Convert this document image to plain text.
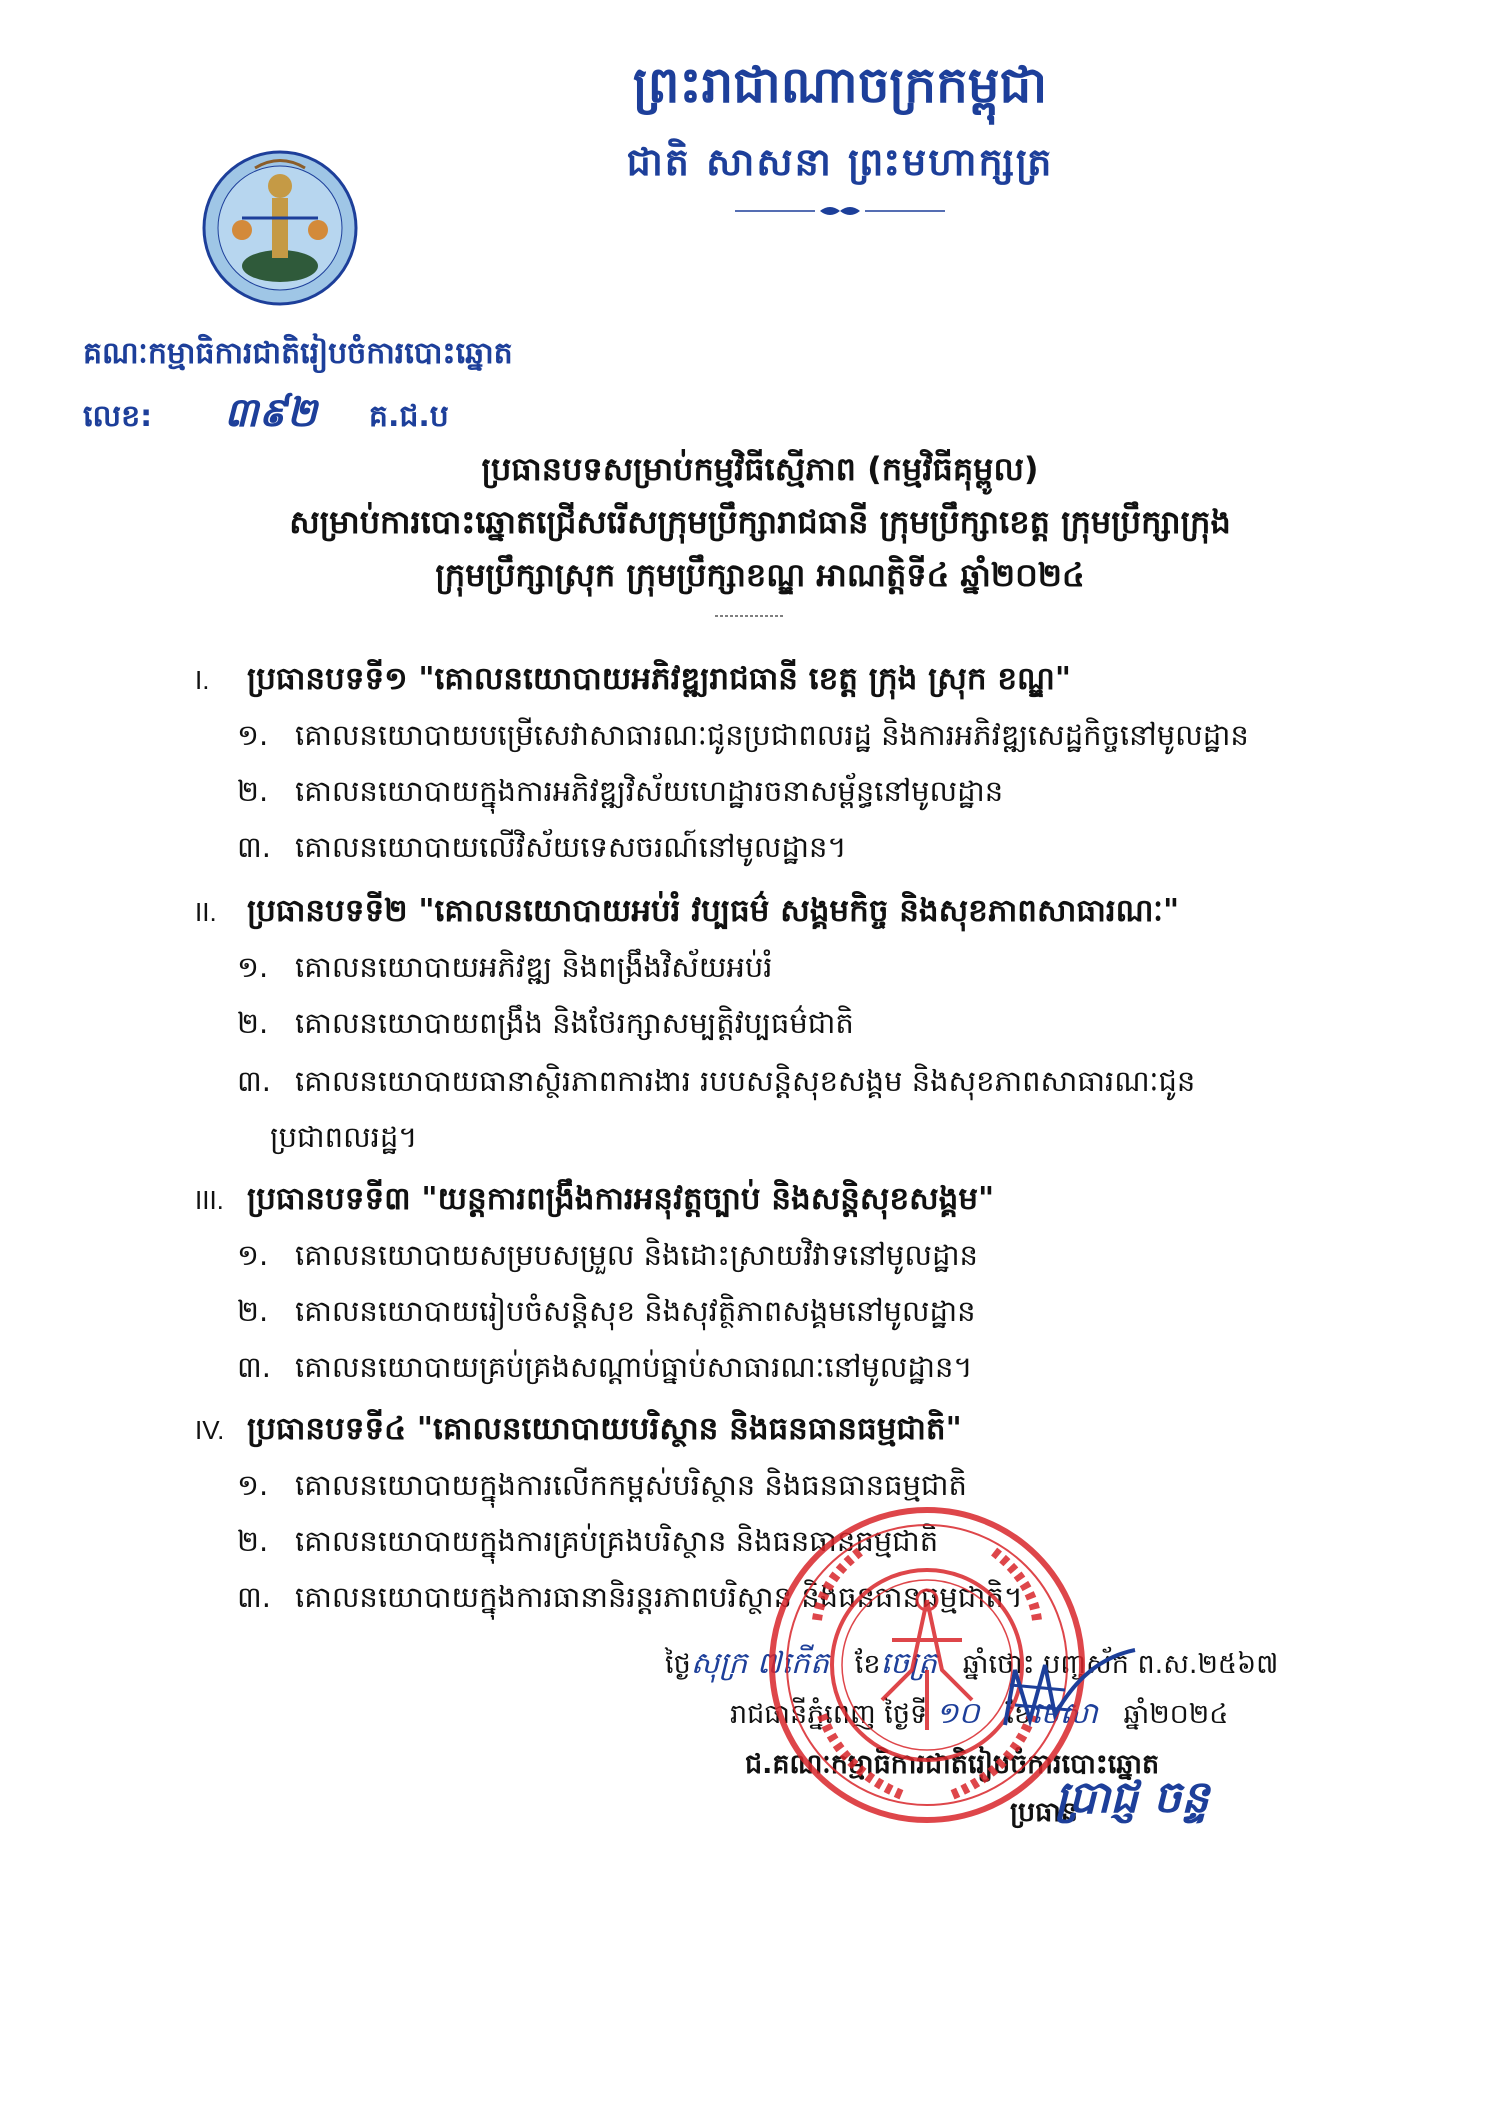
ព្រះរាជាណាចក្រកម្ពុជា
ជាតិ សាសនា ព្រះមហាក្សត្រ
គណៈកម្មាធិការជាតិរៀបចំការបោះឆ្នោត
លេខ: ៣៩២ គ.ជ.ប
ប្រធានបទសម្រាប់កម្មវិធីស្មើភាព (កម្មវិធីគុម្ពូល)
សម្រាប់ការបោះឆ្នោតជ្រើសរើសក្រុមប្រឹក្សារាជធានី ក្រុមប្រឹក្សាខេត្ត ក្រុមប្រឹក្សាក្រុង
ក្រុមប្រឹក្សាស្រុក ក្រុមប្រឹក្សាខណ្ឌ អាណត្តិទី៤ ឆ្នាំ២០២៤
I. ប្រធានបទទី១ "គោលនយោបាយអភិវឌ្ឍរាជធានី ខេត្ត ក្រុង ស្រុក ខណ្ឌ"
១. គោលនយោបាយបម្រើសេវាសាធារណៈជូនប្រជាពលរដ្ឋ និងការអភិវឌ្ឍសេដ្ឋកិច្ចនៅមូលដ្ឋាន
២. គោលនយោបាយក្នុងការអភិវឌ្ឍវិស័យហេដ្ឋារចនាសម្ព័ន្ធនៅមូលដ្ឋាន
៣. គោលនយោបាយលើវិស័យទេសចរណ៍នៅមូលដ្ឋាន។
II. ប្រធានបទទី២ "គោលនយោបាយអប់រំ វប្បធម៌ សង្គមកិច្ច និងសុខភាពសាធារណៈ"
១. គោលនយោបាយអភិវឌ្ឍ និងពង្រឹងវិស័យអប់រំ
២. គោលនយោបាយពង្រឹង និងថែរក្សាសម្បត្តិវប្បធម៌ជាតិ
៣. គោលនយោបាយធានាស្ថិរភាពការងារ របបសន្តិសុខសង្គម និងសុខភាពសាធារណៈជូន
ប្រជាពលរដ្ឋ។
III. ប្រធានបទទី៣ "យន្តការពង្រឹងការអនុវត្តច្បាប់ និងសន្តិសុខសង្គម"
១. គោលនយោបាយសម្របសម្រួល និងដោះស្រាយវិវាទនៅមូលដ្ឋាន
២. គោលនយោបាយរៀបចំសន្តិសុខ និងសុវត្ថិភាពសង្គមនៅមូលដ្ឋាន
៣. គោលនយោបាយគ្រប់គ្រងសណ្តាប់ធ្នាប់សាធារណៈនៅមូលដ្ឋាន។
IV. ប្រធានបទទី៤ "គោលនយោបាយបរិស្ថាន និងធនធានធម្មជាតិ"
១. គោលនយោបាយក្នុងការលើកកម្ពស់បរិស្ថាន និងធនធានធម្មជាតិ
២. គោលនយោបាយក្នុងការគ្រប់គ្រងបរិស្ថាន និងធនធានធម្មជាតិ
៣. គោលនយោបាយក្នុងការធានានិរន្តរភាពបរិស្ថាន និងធនធានធម្មជាតិ។
ថ្ងៃសុក្រ ៧កើត ខែចេត្រ ឆ្នាំថោះ បញ្ចស័ក ព.ស.២៥៦៧
រាជធានីភ្នំពេញ ថ្ងៃទី ១០ ខែមេសា ឆ្នាំ២០២៤
ជ.គណៈកម្មាធិការជាតិរៀបចំការបោះឆ្នោត
ប្រធាន
ប្រាជ្ញ ចន្ទ
